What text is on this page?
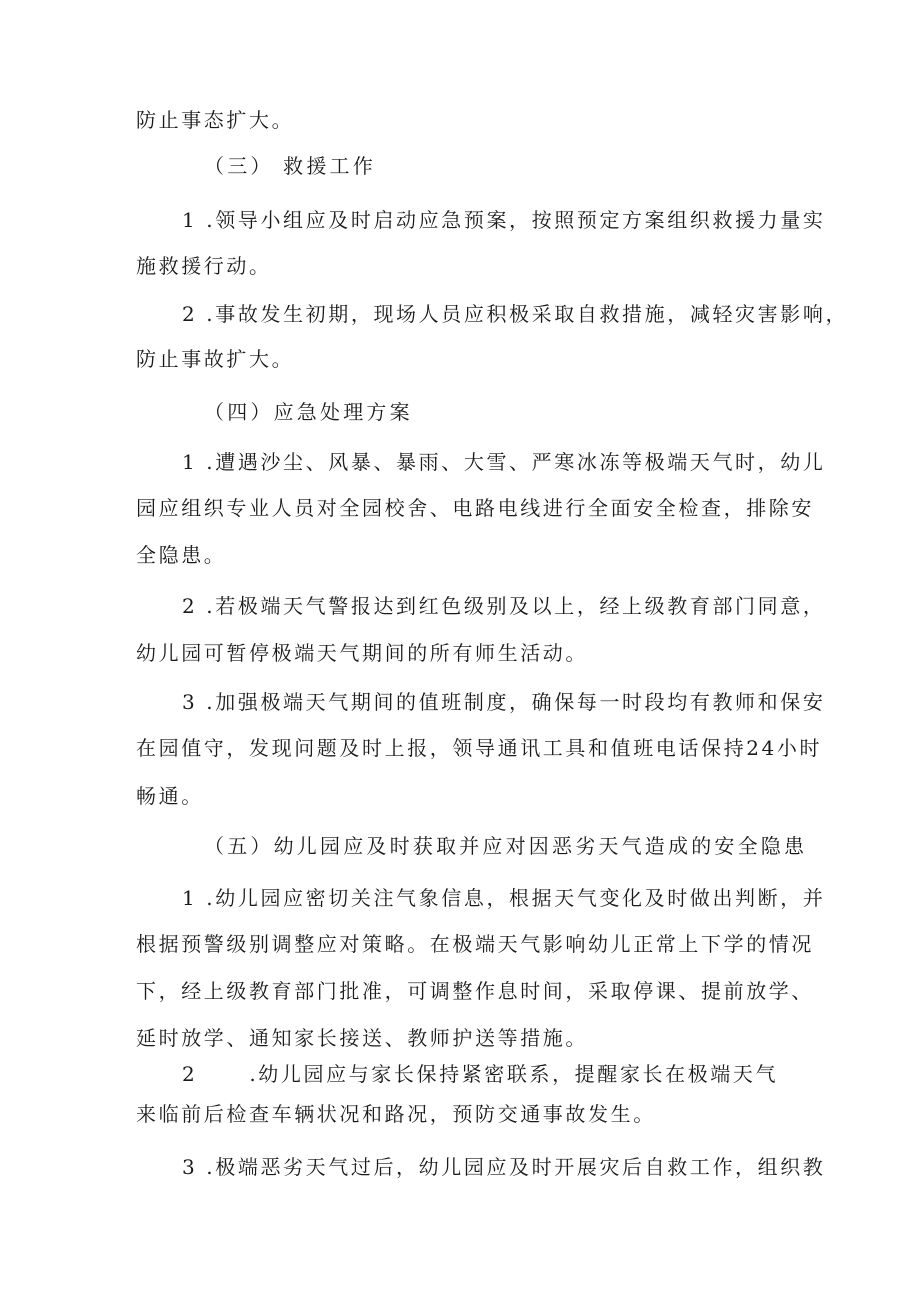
防止事态扩大。
（三） 救援工作
1 .领导小组应及时启动应急预案，按照预定方案组织救援力量实
施救援行动。
2 .事故发生初期，现场人员应积极采取自救措施，减轻灾害影响，
防止事故扩大。
（四）应急处理方案
1 .遭遇沙尘、风暴、暴雨、大雪、严寒冰冻等极端天气时，幼儿
园应组织专业人员对全园校舍、电路电线进行全面安全检查，排除安
全隐患。
2 .若极端天气警报达到红色级别及以上，经上级教育部门同意，
幼儿园可暂停极端天气期间的所有师生活动。
3 .加强极端天气期间的值班制度，确保每一时段均有教师和保安
在园值守，发现问题及时上报，领导通讯工具和值班电话保持24小时
畅通。
（五）幼儿园应及时获取并应对因恶劣天气造成的安全隐患
1 .幼儿园应密切关注气象信息，根据天气变化及时做出判断，并
根据预警级别调整应对策略。在极端天气影响幼儿正常上下学的情况
下，经上级教育部门批准，可调整作息时间，采取停课、提前放学、
延时放学、通知家长接送、教师护送等措施。
2	.幼儿园应与家长保持紧密联系，提醒家长在极端天气
来临前后检查车辆状况和路况，预防交通事故发生。
3 .极端恶劣天气过后，幼儿园应及时开展灾后自救工作，组织教
